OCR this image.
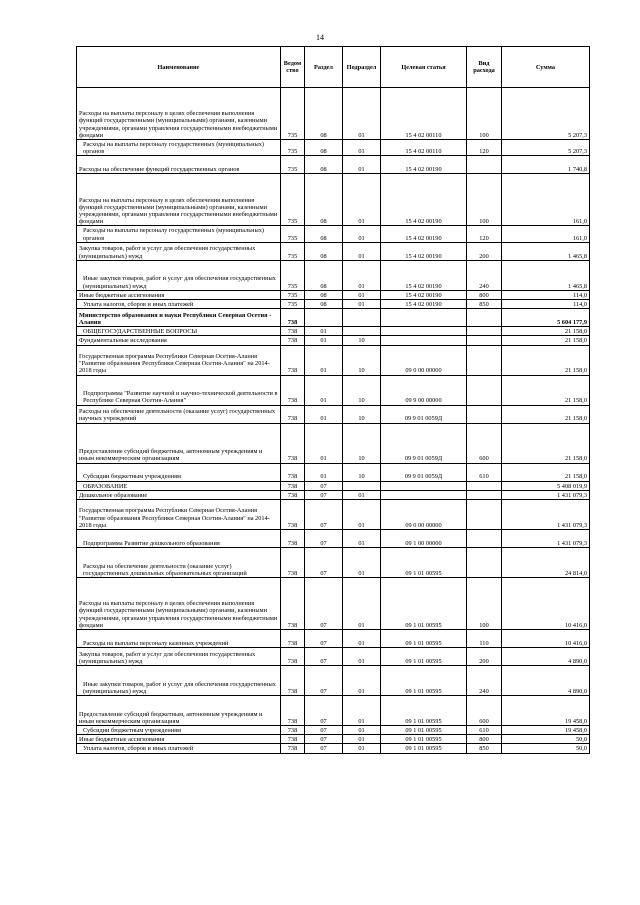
14
Наименование	Ведом ство	Раздел	Подраздел	Целевая статья	Вид расхода	Сумма
Расходы на выплаты персоналу в целях обеспечения выполнения функций государственными (муниципальными) органами, казенными учреждениями, органами управления государственными внебюджетными фондами	735	08	01	15 4 02 00110	100	5 207,3
Расходы на выплаты персоналу государственных (муниципальных) органов	735	08	01	15 4 02 00110	120	5 207,3
Расходы на обеспечение функций государственных органов	735	08	01	15 4 02 00190		1 740,8
Расходы на выплаты персоналу в целях обеспечения выполнения функций государственными (муниципальными) органами, казенными учреждениями, органами управления государственными внебюджетными фондами	735	08	01	15 4 02 00190	100	161,0
Расходы на выплаты персоналу государственных (муниципальных) органов	735	08	01	15 4 02 00190	120	161,0
Закупка товаров, работ и услуг для обеспечения государственных (муниципальных) нужд	735	08	01	15 4 02 00190	200	1 465,8
Иные закупки товаров, работ и услуг для обеспечения государственных (муниципальных) нужд	735	08	01	15 4 02 00190	240	1 465,8
Иные бюджетные ассигнования	735	08	01	15 4 02 00190	800	114,0
Уплата налогов, сборов и иных платежей	735	08	01	15 4 02 00190	850	114,0
Министерство образования и науки Республики Северная Осетия - Алания	738					5 604 177,9
ОБЩЕГОСУДАРСТВЕННЫЕ ВОПРОСЫ	738	01				21 158,0
Фундаментальные исследования	738	01	10			21 158,0
Государственная программа Республики Северная Осетия-Алания "Развитие образования Республики Северная Осетия-Алания" на 2014-2018 годы	738	01	10	09 0 00 00000		21 158,0
Подпрограмма "Развитие научной и научно-технической деятельности в Республике Северная Осетия-Алания"	738	01	10	09 9 00 00000		21 158,0
Расходы на обеспечение деятельности (оказание услуг) государственных научных учреждений	738	01	10	09 9 01 0059Д		21 158,0
Предоставление субсидий бюджетным, автономным учреждениям и иным некоммерческим организациям	738	01	10	09 9 01 0059Д	600	21 158,0
Субсидии бюджетным учреждениям	738	01	10	09 9 01 0059Д	610	21 158,0
ОБРАЗОВАНИЕ	738	07				5 408 019,9
Дошкольное образование	738	07	01			1 431 079,3
Государственная программа Республики Северная Осетия-Алания "Развитие образования Республики Северная Осетия-Алания" на 2014-2018 годы	738	07	01	09 0 00 00000		1 431 079,3
Подпрограмма Развитие дошкольного образования	738	07	01	09 1 00 00000		1 431 079,3
Расходы на обеспечение деятельности (оказание услуг) государственных дошкольных образовательных организаций	738	07	01	09 1 01 00595		24 814,0
Расходы на выплаты персоналу в целях обеспечения выполнения функций государственными (муниципальными) органами, казенными учреждениями, органами управления государственными внебюджетными фондами	738	07	01	09 1 01 00595	100	10 416,0
Расходы на выплаты персоналу казенных учреждений	738	07	01	09 1 01 00595	110	10 416,0
Закупка товаров, работ и услуг для обеспечения государственных (муниципальных) нужд	738	07	01	09 1 01 00595	200	4 890,0
Иные закупки товаров, работ и услуг для обеспечения государственных (муниципальных) нужд	738	07	01	09 1 01 00595	240	4 890,0
Предоставление субсидий бюджетным, автономным учреждениям и иным некоммерческим организациям	738	07	01	09 1 01 00595	600	19 458,0
Субсидии бюджетным учреждениям	738	07	01	09 1 01 00595	610	19 458,0
Иные бюджетные ассигнования	738	07	01	09 1 01 00595	800	50,0
Уплата налогов, сборов и иных платежей	738	07	01	09 1 01 00595	850	50,0
